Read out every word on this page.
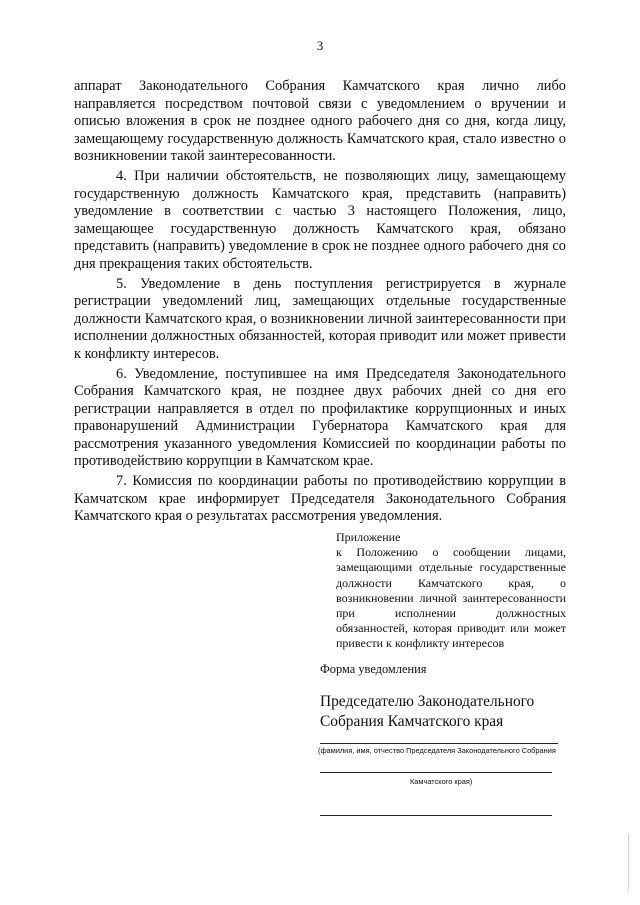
3

аппарат Законодательного Собрания Камчатского края лично либо направляется посредством почтовой связи с уведомлением о вручении и описью вложения в срок не позднее одного рабочего дня со дня, когда лицу, замещающему государственную должность Камчатского края, стало известно о возникновении такой заинтересованности.

4. При наличии обстоятельств, не позволяющих лицу, замещающему государственную должность Камчатского края, представить (направить) уведомление в соответствии с частью 3 настоящего Положения, лицо, замещающее государственную должность Камчатского края, обязано представить (направить) уведомление в срок не позднее одного рабочего дня со дня прекращения таких обстоятельств.

5. Уведомление в день поступления регистрируется в журнале регистрации уведомлений лиц, замещающих отдельные государственные должности Камчатского края, о возникновении личной заинтересованности при исполнении должностных обязанностей, которая приводит или может привести к конфликту интересов.

6. Уведомление, поступившее на имя Председателя Законодательного Собрания Камчатского края, не позднее двух рабочих дней со дня его регистрации направляется в отдел по профилактике коррупционных и иных правонарушений Администрации Губернатора Камчатского края для рассмотрения указанного уведомления Комиссией по координации работы по противодействию коррупции в Камчатском крае.

7. Комиссия по координации работы по противодействию коррупции в Камчатском крае информирует Председателя Законодательного Собрания Камчатского края о результатах рассмотрения уведомления.

Приложение

к Положению о сообщении лицами, замещающими отдельные государственные должности Камчатского края, о возникновении личной заинтересованности при исполнении должностных обязанностей, которая приводит или может привести к конфликту интересов

Форма уведомления
Председателю Законодательного
Собрания Камчатского края
(фамилия, имя, отчество Председателя Законодательного Собрания
Камчатского края)
